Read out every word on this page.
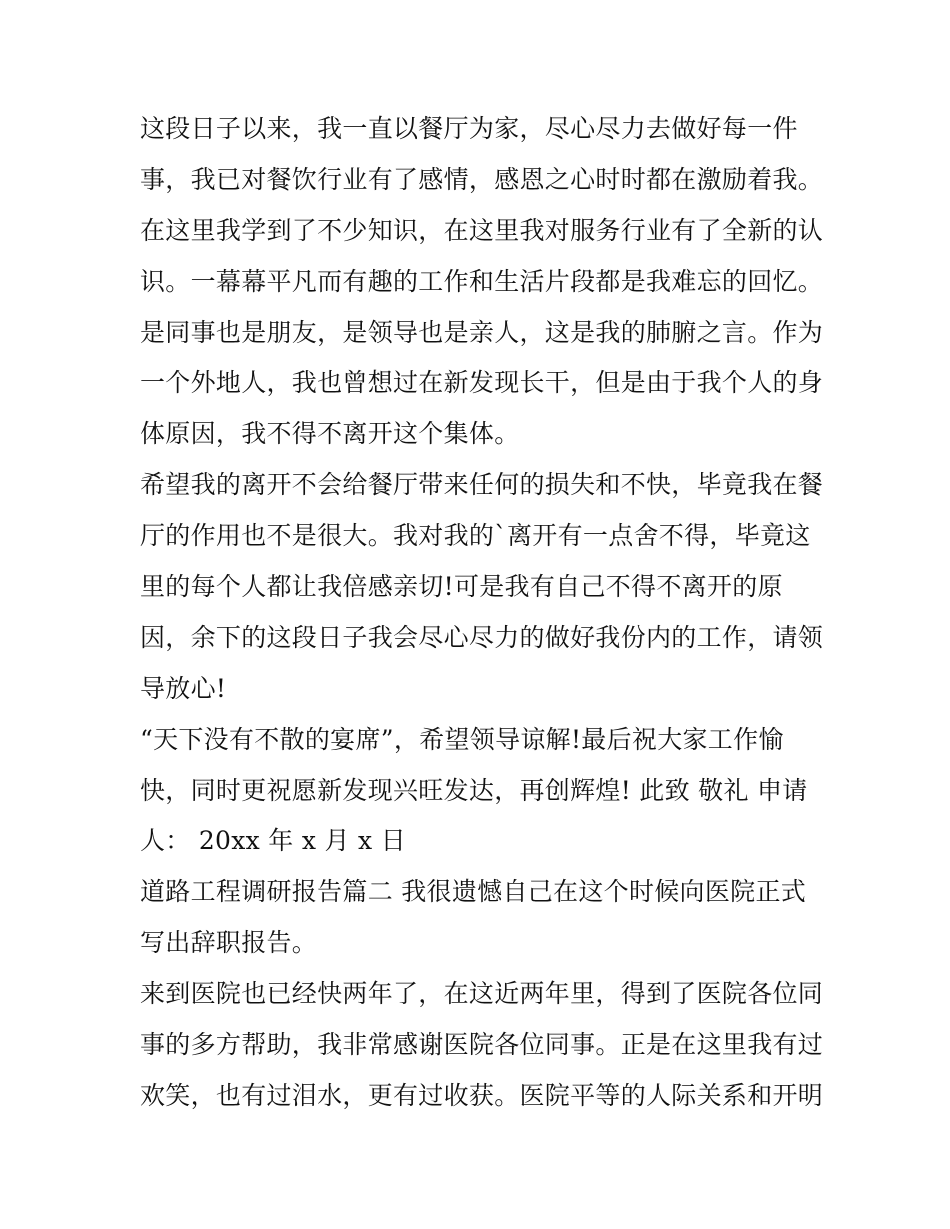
这段日子以来，我一直以餐厅为家，尽心尽力去做好每一件
事，我已对餐饮行业有了感情，感恩之心时时都在激励着我。
在这里我学到了不少知识，在这里我对服务行业有了全新的认
识。一幕幕平凡而有趣的工作和生活片段都是我难忘的回忆。
是同事也是朋友，是领导也是亲人，这是我的肺腑之言。作为
一个外地人，我也曾想过在新发现长干，但是由于我个人的身
体原因，我不得不离开这个集体。
希望我的离开不会给餐厅带来任何的损失和不快，毕竟我在餐
厅的作用也不是很大。我对我的`离开有一点舍不得，毕竟这
里的每个人都让我倍感亲切!可是我有自己不得不离开的原
因，余下的这段日子我会尽心尽力的做好我份内的工作，请领
导放心!
“天下没有不散的宴席”，希望领导谅解!最后祝大家工作愉
快，同时更祝愿新发现兴旺发达，再创辉煌! 此致 敬礼 申请
人： 20xx 年 x 月 x 日
道路工程调研报告篇二 我很遗憾自己在这个时候向医院正式
写出辞职报告。
来到医院也已经快两年了，在这近两年里，得到了医院各位同
事的多方帮助，我非常感谢医院各位同事。正是在这里我有过
欢笑，也有过泪水，更有过收获。医院平等的人际关系和开明
